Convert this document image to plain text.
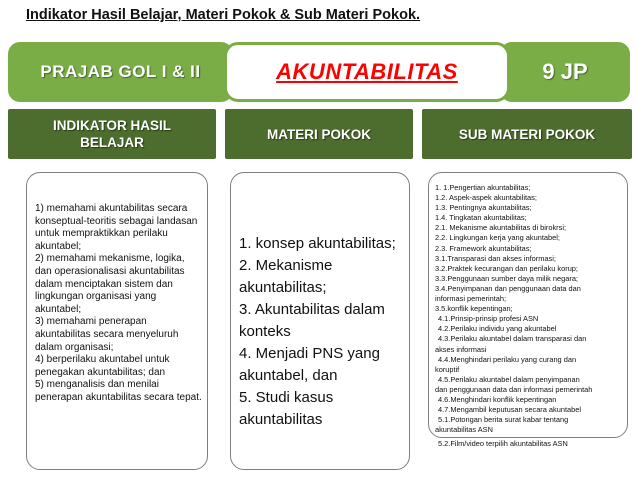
Indikator Hasil Belajar, Materi Pokok & Sub Materi Pokok.
PRAJAB GOL I & II	AKUNTABILITAS	9 JP
INDIKATOR HASIL
BELAJAR
MATERI POKOK	SUB MATERI POKOK
1) memahami akuntabilitas secara
konseptual-teoritis sebagai landasan
untuk mempraktikkan perilaku
akuntabel;
2) memahami mekanisme, logika,
dan operasionalisasi akuntabilitas
dalam menciptakan sistem dan
lingkungan organisasi yang
akuntabel;
3) memahami penerapan
akuntabilitas secara menyeluruh
dalam organisasi;
4) berperilaku akuntabel untuk
penegakan akuntabilitas; dan
5) menganalisis dan menilai
penerapan akuntabilitas secara tepat.
1. konsep akuntabilitas;
2. Mekanisme
akuntabilitas;
3. Akuntabilitas dalam
konteks
4. Menjadi PNS yang
akuntabel, dan
5. Studi kasus
akuntabilitas
1. 1.Pengertian akuntabilitas;
1.2. Aspek-aspek akuntabilitas;
1.3. Pentingnya akuntabilitas;
1.4. Tingkatan akuntabilitas;
2.1. Mekanisme akuntabilitas di birokrsi;
2.2. Lingkungan kerja yang akuntabel;
2.3. Framework akuntabilitas;
3.1.Transparasi dan akses informasi;
3.2.Praktek kecurangan dan perilaku korup;
3.3.Penggunaan sumber daya milik negara;
3.4.Penyimpanan dan penggunaan data dan
informasi pemerintah;
3.5.konflik kepentingan;
4.1.Prinsip-prinsip profesi ASN
4.2.Perilaku individu yang akuntabel
4.3.Perilaku akuntabel dalam transparasi dan
akses informasi
4.4.Menghindari perilaku yang curang dan
koruptif
4.5.Perilaku akuntabel dalam penyimpanan
dan penggunaan data dan informasi pemerintah
4.6.Menghindari konflik kepentingan
4.7.Mengambil keputusan secara akuntabel
5.1.Potongan berita surat kabar tentang
akuntabilitas ASN
5.2.Film/video terpilih akuntabilitas ASN
